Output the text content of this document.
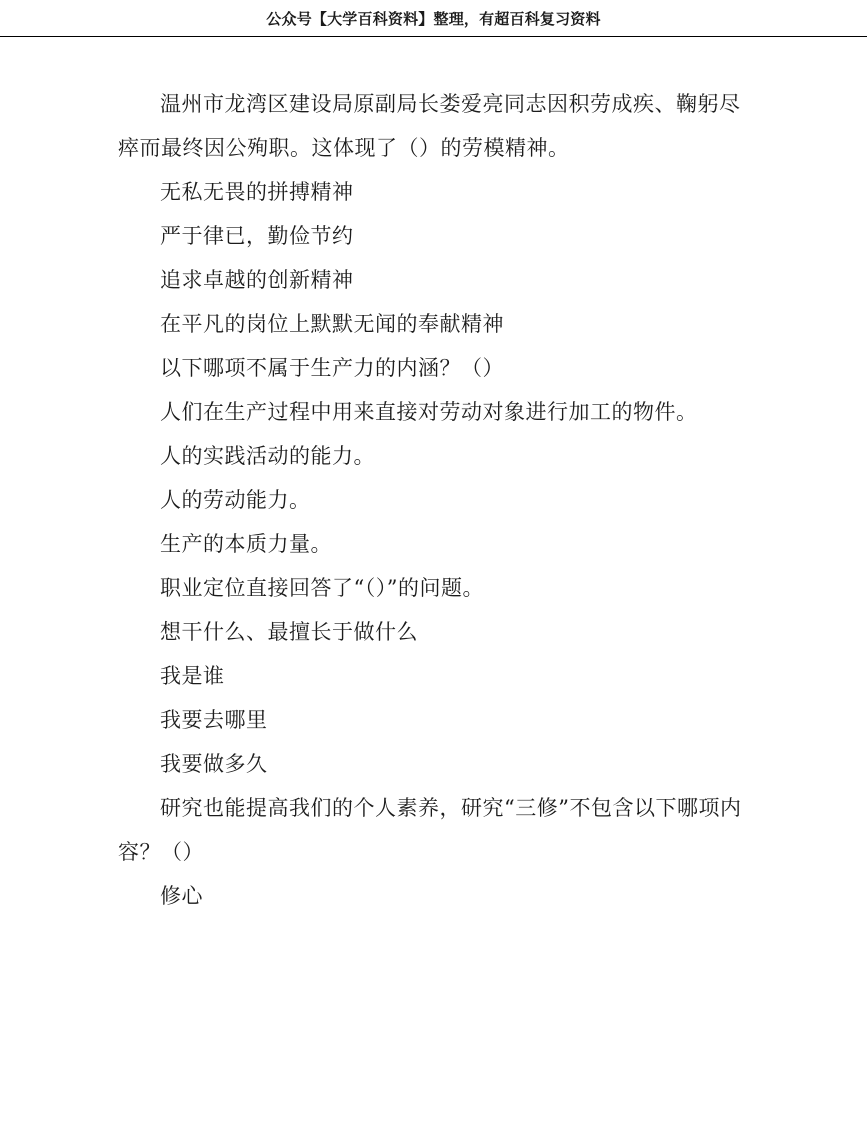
公众号【大学百科资料】整理，有超百科复习资料

温州市龙湾区建设局原副局长娄爱亮同志因积劳成疾、鞠躬尽瘁而最终因公殉职。这体现了（）的劳模精神。

无私无畏的拼搏精神

严于律已，勤俭节约

追求卓越的创新精神

在平凡的岗位上默默无闻的奉献精神

以下哪项不属于生产力的内涵？（）

人们在生产过程中用来直接对劳动对象进行加工的物件。

人的实践活动的能力。

人的劳动能力。

生产的本质力量。

职业定位直接回答了“（）”的问题。

想干什么、最擅长于做什么

我是谁

我要去哪里

我要做多久

研究也能提高我们的个人素养，研究“三修”不包含以下哪项内容？（）

修心
